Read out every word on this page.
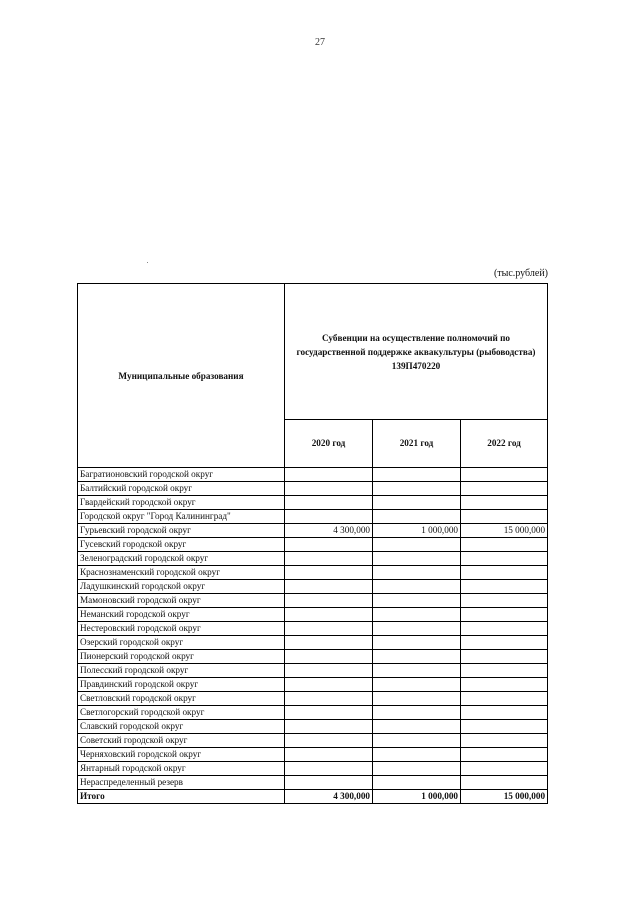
27
(тыс.рублей)
Муниципальные образования	Субвенции на осуществление полномочий по государственной поддержке аквакультуры (рыбоводства) 139П470220		
	2020 год	2021 год	2022 год
Багратионовский городской округ			
Балтийский городской округ			
Гвардейский городской округ			
Городской округ "Город Калининград"			
Гурьевский городской округ	4 300,000	1 000,000	15 000,000
Гусевский городской округ			
Зеленоградский городской округ			
Краснознаменский городской округ			
Ладушкинский городской округ			
Мамоновский городской округ			
Неманский городской округ			
Нестеровский городской округ			
Озерский городской округ			
Пионерский городской округ			
Полесский городской округ			
Правдинский городской округ			
Светловский городской округ			
Светлогорский городской округ			
Славский городской округ			
Советский городской округ			
Черняховский городской округ			
Янтарный городской округ			
Нераспределенный резерв			
Итого	4 300,000	1 000,000	15 000,000
